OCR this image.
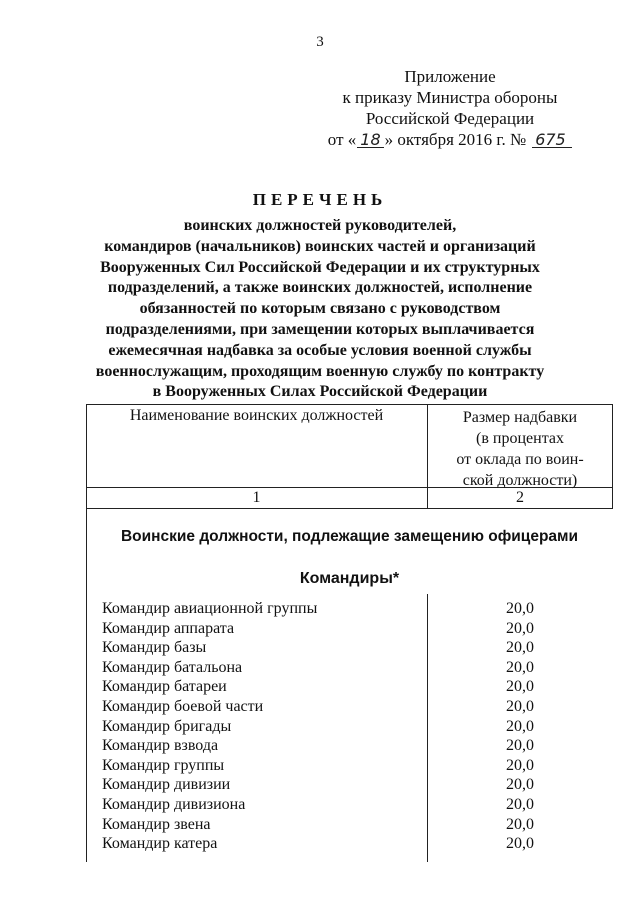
3
Приложение
к приказу Министра обороны
Российской Федерации
от « 18 » октября 2016 г. № 675
ПЕРЕЧЕНЬ
воинских должностей руководителей,
командиров (начальников) воинских частей и организаций
Вооруженных Сил Российской Федерации и их структурных
подразделений, а также воинских должностей, исполнение
обязанностей по которым связано с руководством
подразделениями, при замещении которых выплачивается
ежемесячная надбавка за особые условия военной службы
военнослужащим, проходящим военную службу по контракту
в Вооруженных Силах Российской Федерации
Наименование воинских должностей	Размер надбавки
(в процентах
от оклада по воин-
ской должности)
1	2
Воинские должности, подлежащие замещению офицерами
Командиры*
Командир авиационной группы	20,0
Командир аппарата	20,0
Командир базы	20,0
Командир батальона	20,0
Командир батареи	20,0
Командир боевой части	20,0
Командир бригады	20,0
Командир взвода	20,0
Командир группы	20,0
Командир дивизии	20,0
Командир дивизиона	20,0
Командир звена	20,0
Командир катера	20,0
